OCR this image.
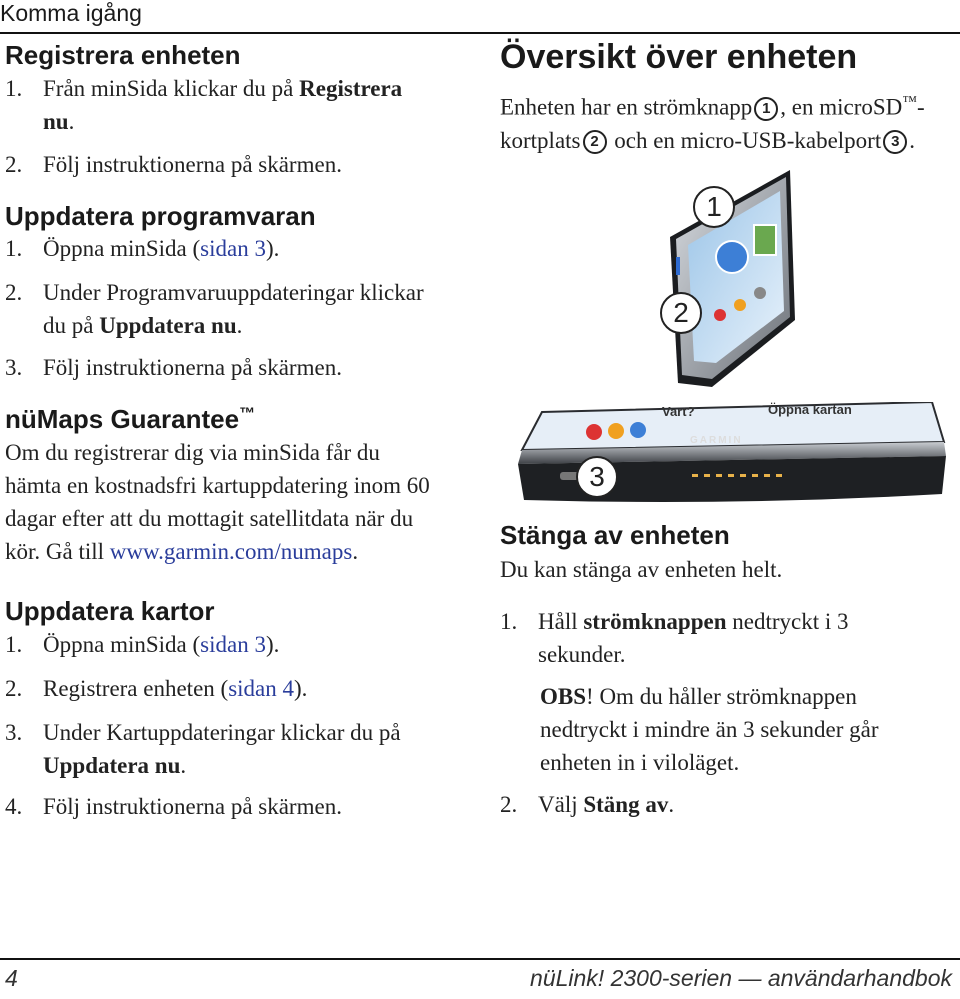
Komma igång
Registrera enheten
1. Från minSida klickar du på Registrera
nu.
2. Följ instruktionerna på skärmen.
Uppdatera programvaran
1. Öppna minSida (sidan 3).
2. Under Programvaruuppdateringar klickar
du på Uppdatera nu.
3. Följ instruktionerna på skärmen.
nüMaps Guarantee™
Om du registrerar dig via minSida får du
hämta en kostnadsfri kartuppdatering inom 60
dagar efter att du mottagit satellitdata när du
kör. Gå till www.garmin.com/numaps.
Uppdatera kartor
1. Öppna minSida (sidan 3).
2. Registrera enheten (sidan 4).
3. Under Kartuppdateringar klickar du på
Uppdatera nu.
4. Följ instruktionerna på skärmen.
Översikt över enheten
Enheten har en strömknapp 1 , en microSD™-
kortplats 2 och en micro-USB-kabelport 3 .
1
2
Vart?	Öppna kartan
GARMIN
3
Stänga av enheten
Du kan stänga av enheten helt.
1. Håll strömknappen nedtryckt i 3
sekunder.
OBS! Om du håller strömknappen
nedtryckt i mindre än 3 sekunder går
enheten in i viloläget.
2. Välj Stäng av.
4	nüLink! 2300-serien — användarhandbok
